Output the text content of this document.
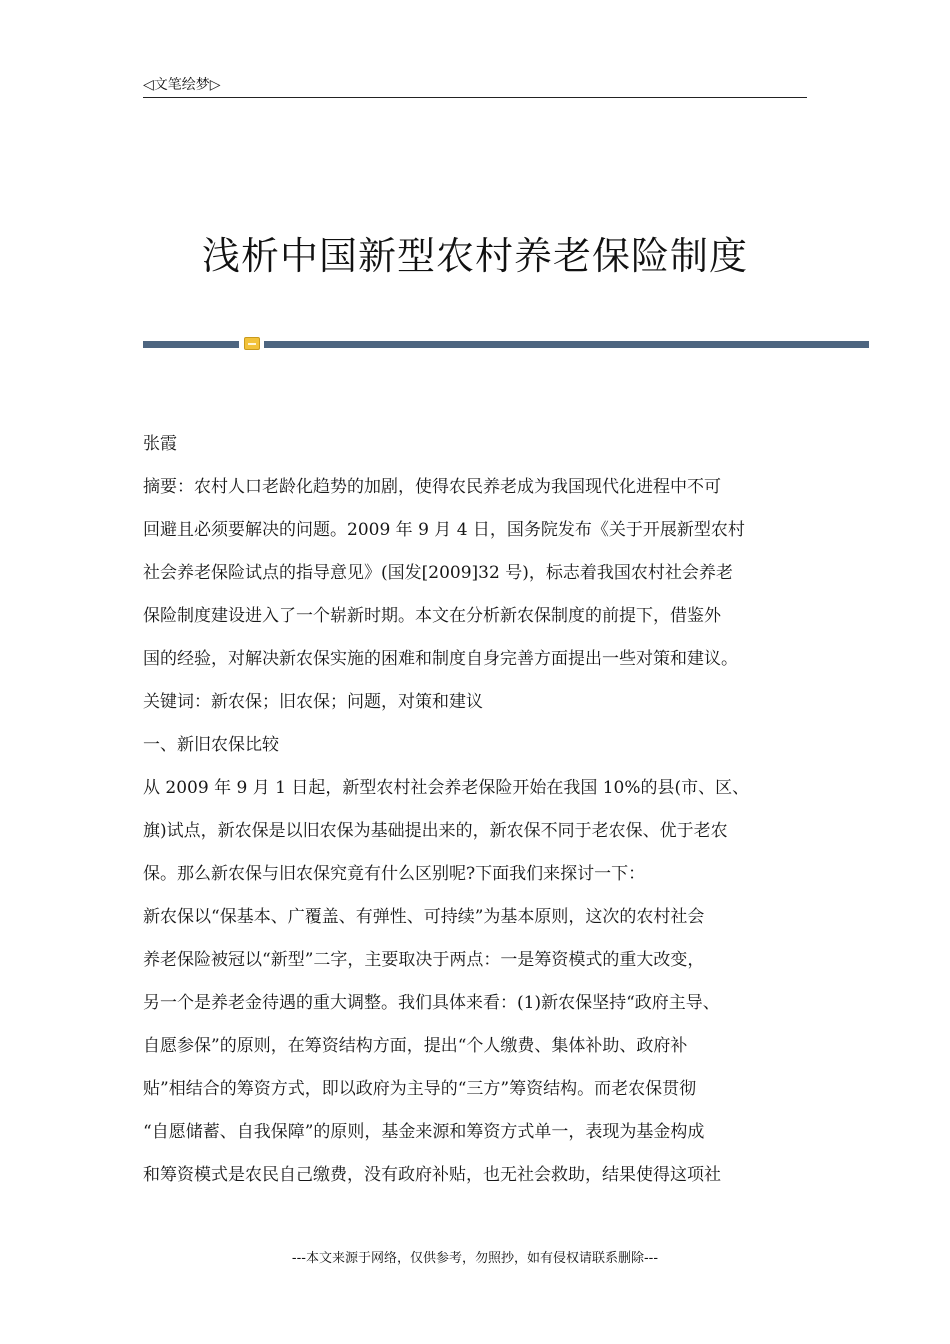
◁文笔绘梦▷
浅析中国新型农村养老保险制度
张霞
摘要：农村人口老龄化趋势的加剧，使得农民养老成为我国现代化进程中不可
回避且必须要解决的问题。2009 年 9 月 4 日，国务院发布《关于开展新型农村
社会养老保险试点的指导意见》(国发[2009]32 号)，标志着我国农村社会养老
保险制度建设进入了一个崭新时期。本文在分析新农保制度的前提下，借鉴外
国的经验，对解决新农保实施的困难和制度自身完善方面提出一些对策和建议。
关键词：新农保；旧农保；问题，对策和建议
一、新旧农保比较
从 2009 年 9 月 1 日起，新型农村社会养老保险开始在我国 10%的县(市、区、
旗)试点，新农保是以旧农保为基础提出来的，新农保不同于老农保、优于老农
保。那么新农保与旧农保究竟有什么区别呢?下面我们来探讨一下：
新农保以“保基本、广覆盖、有弹性、可持续”为基本原则，这次的农村社会
养老保险被冠以“新型”二字，主要取决于两点：一是筹资模式的重大改变，
另一个是养老金待遇的重大调整。我们具体来看：(1)新农保坚持“政府主导、
自愿参保”的原则，在筹资结构方面，提出“个人缴费、集体补助、政府补
贴”相结合的筹资方式，即以政府为主导的“三方”筹资结构。而老农保贯彻
“自愿储蓄、自我保障”的原则，基金来源和筹资方式单一，表现为基金构成
和筹资模式是农民自己缴费，没有政府补贴，也无社会救助，结果使得这项社
---本文来源于网络，仅供参考，勿照抄，如有侵权请联系删除---
